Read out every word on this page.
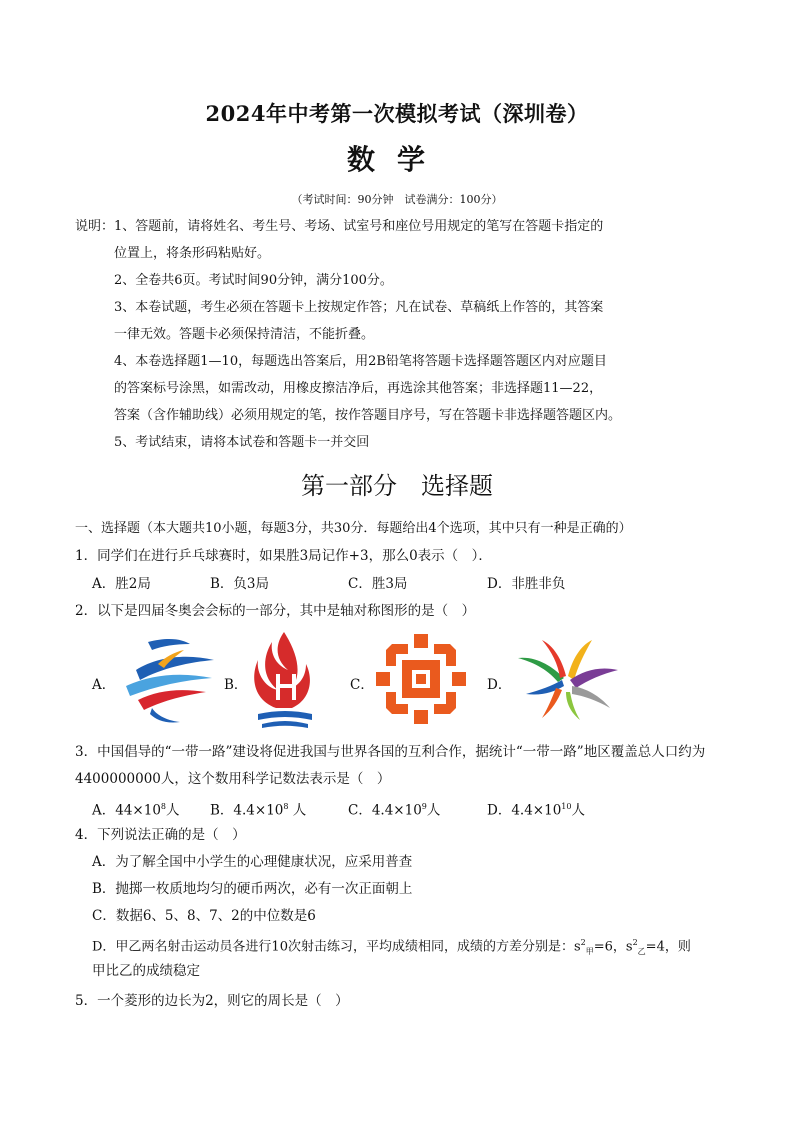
2024年中考第一次模拟考试（深圳卷）
数学
（考试时间：90分钟　试卷满分：100分）
说明： 1、答题前，请将姓名、考生号、考场、试室号和座位号用规定的笔写在答题卡指定的
位置上，将条形码粘贴好。
2、全卷共6页。考试时间90分钟，满分100分。
3、本卷试题，考生必须在答题卡上按规定作答；凡在试卷、草稿纸上作答的，其答案
一律无效。答题卡必须保持清洁，不能折叠。
4、本卷选择题1—10，每题选出答案后，用2B铅笔将答题卡选择题答题区内对应题目
的答案标号涂黑，如需改动，用橡皮擦洁净后，再选涂其他答案；非选择题11—22，
答案（含作辅助线）必须用规定的笔，按作答题目序号，写在答题卡非选择题答题区内。
5、考试结束，请将本试卷和答题卡一并交回
第一部分　选择题
一、选择题（本大题共10小题，每题3分，共30分．每题给出4个选项，其中只有一种是正确的）
1．同学们在进行乒乓球赛时，如果胜3局记作+3，那么0表示（　）．
A．胜2局	B．负3局	C．胜3局	D．非胜非负
2．以下是四届冬奥会会标的一部分，其中是轴对称图形的是（　）
A．	B．	C．	D．
3．中国倡导的“一带一路”建设将促进我国与世界各国的互利合作，据统计“一带一路”地区覆盖总人口约为
4400000000人，这个数用科学记数法表示是（　）
A．$44\times 10^8$人 B．$4.4\times 10^8$ 人	C．$4.4\times 10^9$人	D．$4.4\times 10^{10}$人
4．下列说法正确的是（　）
A．为了解全国中小学生的心理健康状况，应采用普查
B．抛掷一枚质地均匀的硬币两次，必有一次正面朝上
C．数据6、5、8、7、2的中位数是6
D．甲乙两名射击运动员各进行10次射击练习，平均成绩相同，成绩的方差分别是：$s^2_甲=6$，$s^2_乙=4$，则
甲比乙的成绩稳定
5．一个菱形的边长为2，则它的周长是（　）
